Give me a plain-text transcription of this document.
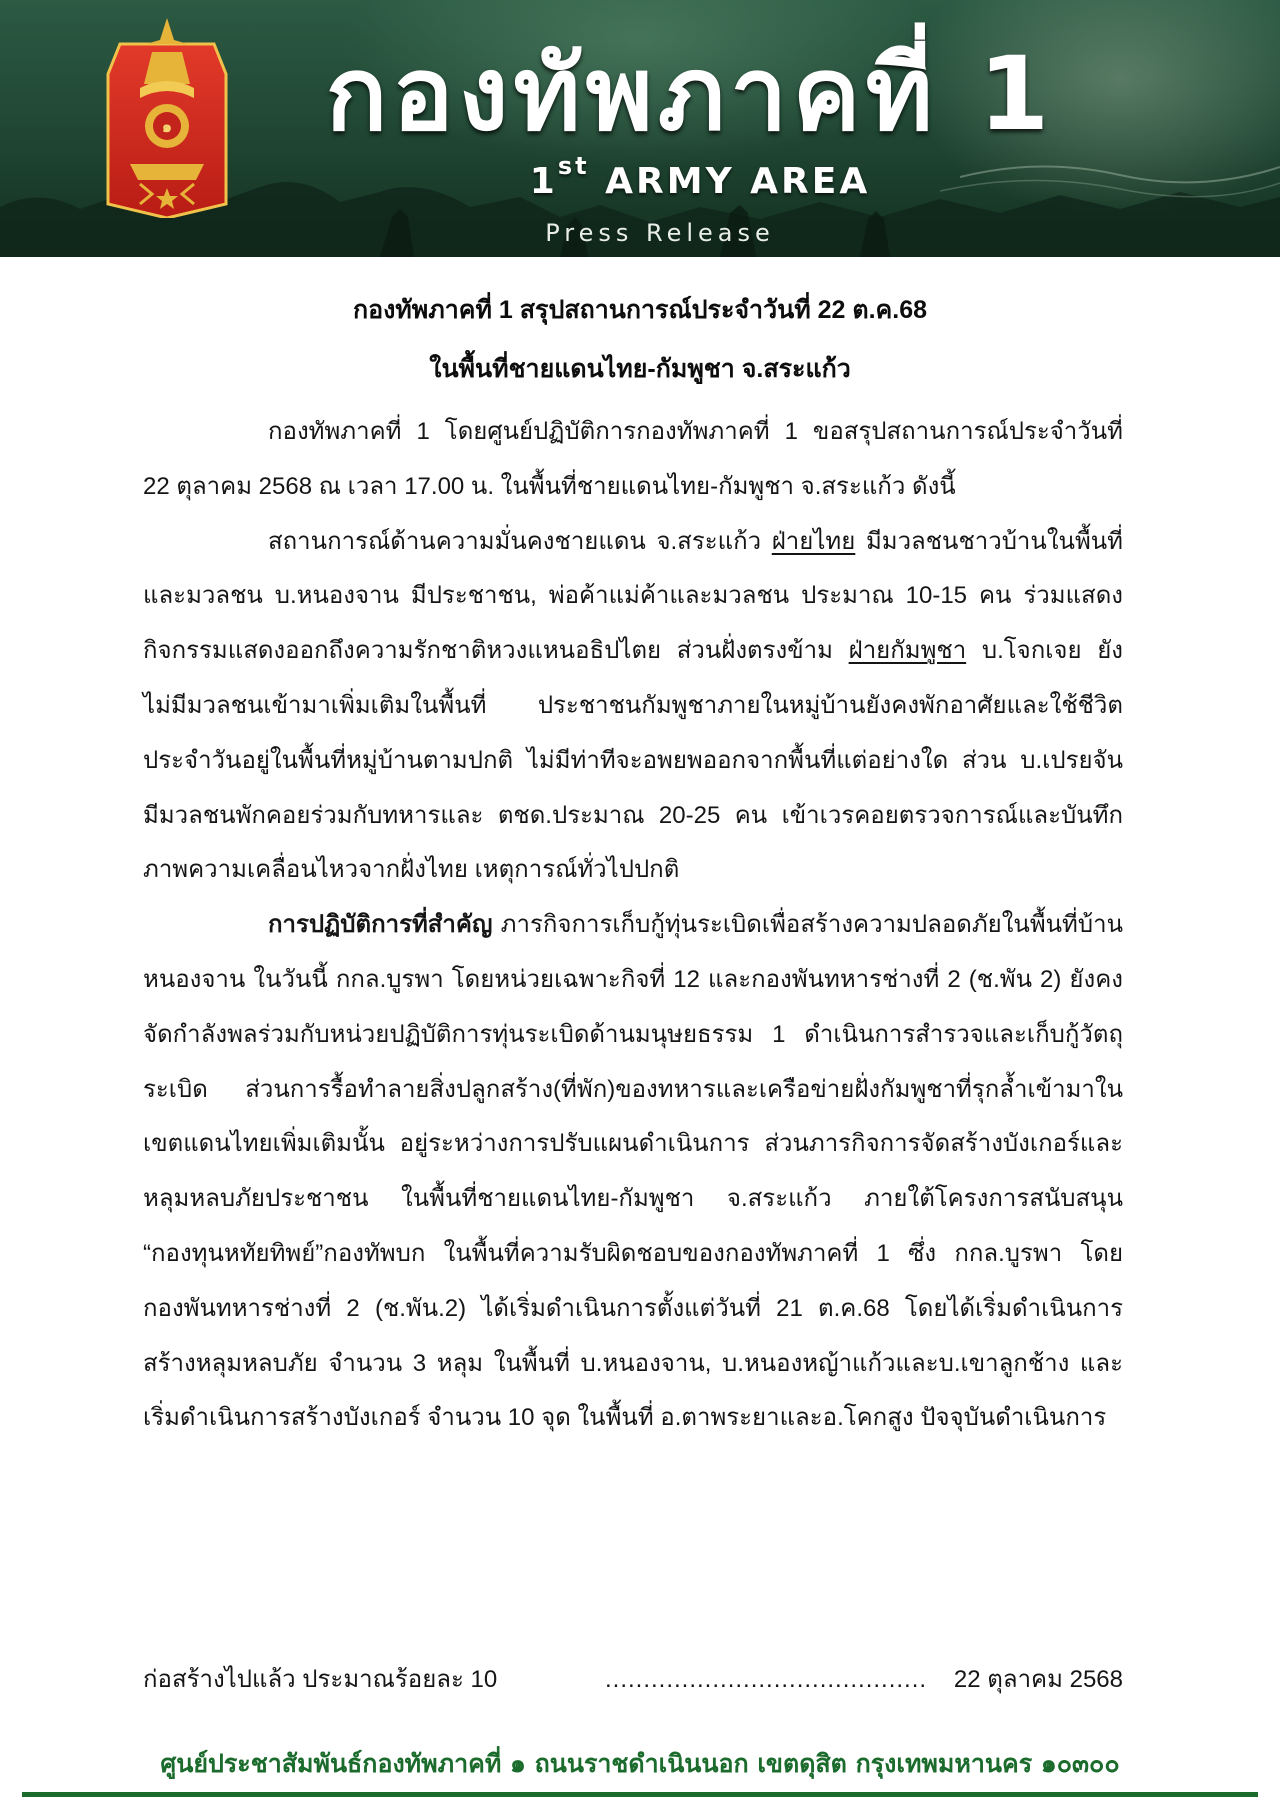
๑ กองทัพภาคที่ 1
1st ARMY AREA
Press Release
กองทัพภาคที่ 1 สรุปสถานการณ์ประจำวันที่ 22 ต.ค.68
ในพื้นที่ชายแดนไทย-กัมพูชา จ.สระแก้ว

กองทัพภาคที่ 1 โดยศูนย์ปฏิบัติการกองทัพภาคที่ 1 ขอสรุปสถานการณ์ประจำวันที่ 22 ตุลาคม 2568 ณ เวลา 17.00 น. ในพื้นที่ชายแดนไทย-กัมพูชา จ.สระแก้ว ดังนี้

สถานการณ์ด้านความมั่นคงชายแดน จ.สระแก้ว ฝ่ายไทย มีมวลชนชาวบ้านในพื้นที่และมวลชน บ.หนองจาน มีประชาชน, พ่อค้าแม่ค้าและมวลชน ประมาณ 10-15 คน ร่วมแสดงกิจกรรมแสดงออกถึงความรักชาติหวงแหนอธิปไตย ส่วนฝั่งตรงข้าม ฝ่ายกัมพูชา บ.โจกเจย ยังไม่มีมวลชนเข้ามาเพิ่มเติมในพื้นที่ ประชาชนกัมพูชาภายในหมู่บ้านยังคงพักอาศัยและใช้ชีวิตประจำวันอยู่ในพื้นที่หมู่บ้านตามปกติ ไม่มีท่าทีจะอพยพออกจากพื้นที่แต่อย่างใด ส่วน บ.เปรยจัน มีมวลชนพักคอยร่วมกับทหารและ ตชด.ประมาณ 20-25 คน เข้าเวรคอยตรวจการณ์และบันทึกภาพความเคลื่อนไหวจากฝั่งไทย เหตุการณ์ทั่วไปปกติ

การปฏิบัติการที่สำคัญ ภารกิจการเก็บกู้ทุ่นระเบิดเพื่อสร้างความปลอดภัยในพื้นที่บ้านหนองจาน ในวันนี้ กกล.บูรพา โดยหน่วยเฉพาะกิจที่ 12 และกองพันทหารช่างที่ 2 (ช.พัน 2) ยังคงจัดกำลังพลร่วมกับหน่วยปฏิบัติการทุ่นระเบิดด้านมนุษยธรรม 1 ดำเนินการสำรวจและเก็บกู้วัตถุระเบิด ส่วนการรื้อทำลายสิ่งปลูกสร้าง(ที่พัก)ของทหารและเครือข่ายฝั่งกัมพูชาที่รุกล้ำเข้ามาในเขตแดนไทยเพิ่มเติมนั้น อยู่ระหว่างการปรับแผนดำเนินการ ส่วนภารกิจการจัดสร้างบังเกอร์และหลุมหลบภัยประชาชน ในพื้นที่ชายแดนไทย-กัมพูชา จ.สระแก้ว ภายใต้โครงการสนับสนุน “กองทุนหทัยทิพย์”กองทัพบก ในพื้นที่ความรับผิดชอบของกองทัพภาคที่ 1 ซึ่ง กกล.บูรพา โดยกองพันทหารช่างที่ 2 (ช.พัน.2) ได้เริ่มดำเนินการตั้งแต่วันที่ 21 ต.ค.68 โดยได้เริ่มดำเนินการสร้างหลุมหลบภัย จำนวน 3 หลุม ในพื้นที่ บ.หนองจาน, บ.หนองหญ้าแก้วและบ.เขาลูกช้าง และเริ่มดำเนินการสร้างบังเกอร์ จำนวน 10 จุด ในพื้นที่ อ.ตาพระยาและอ.โคกสูง ปัจจุบันดำเนินการ

ก่อสร้างไปแล้ว ประมาณร้อยละ 10	.......................................... 22 ตุลาคม 2568
ศูนย์ประชาสัมพันธ์กองทัพภาคที่ ๑ ถนนราชดำเนินนอก เขตดุสิต กรุงเทพมหานคร ๑๐๓๐๐
